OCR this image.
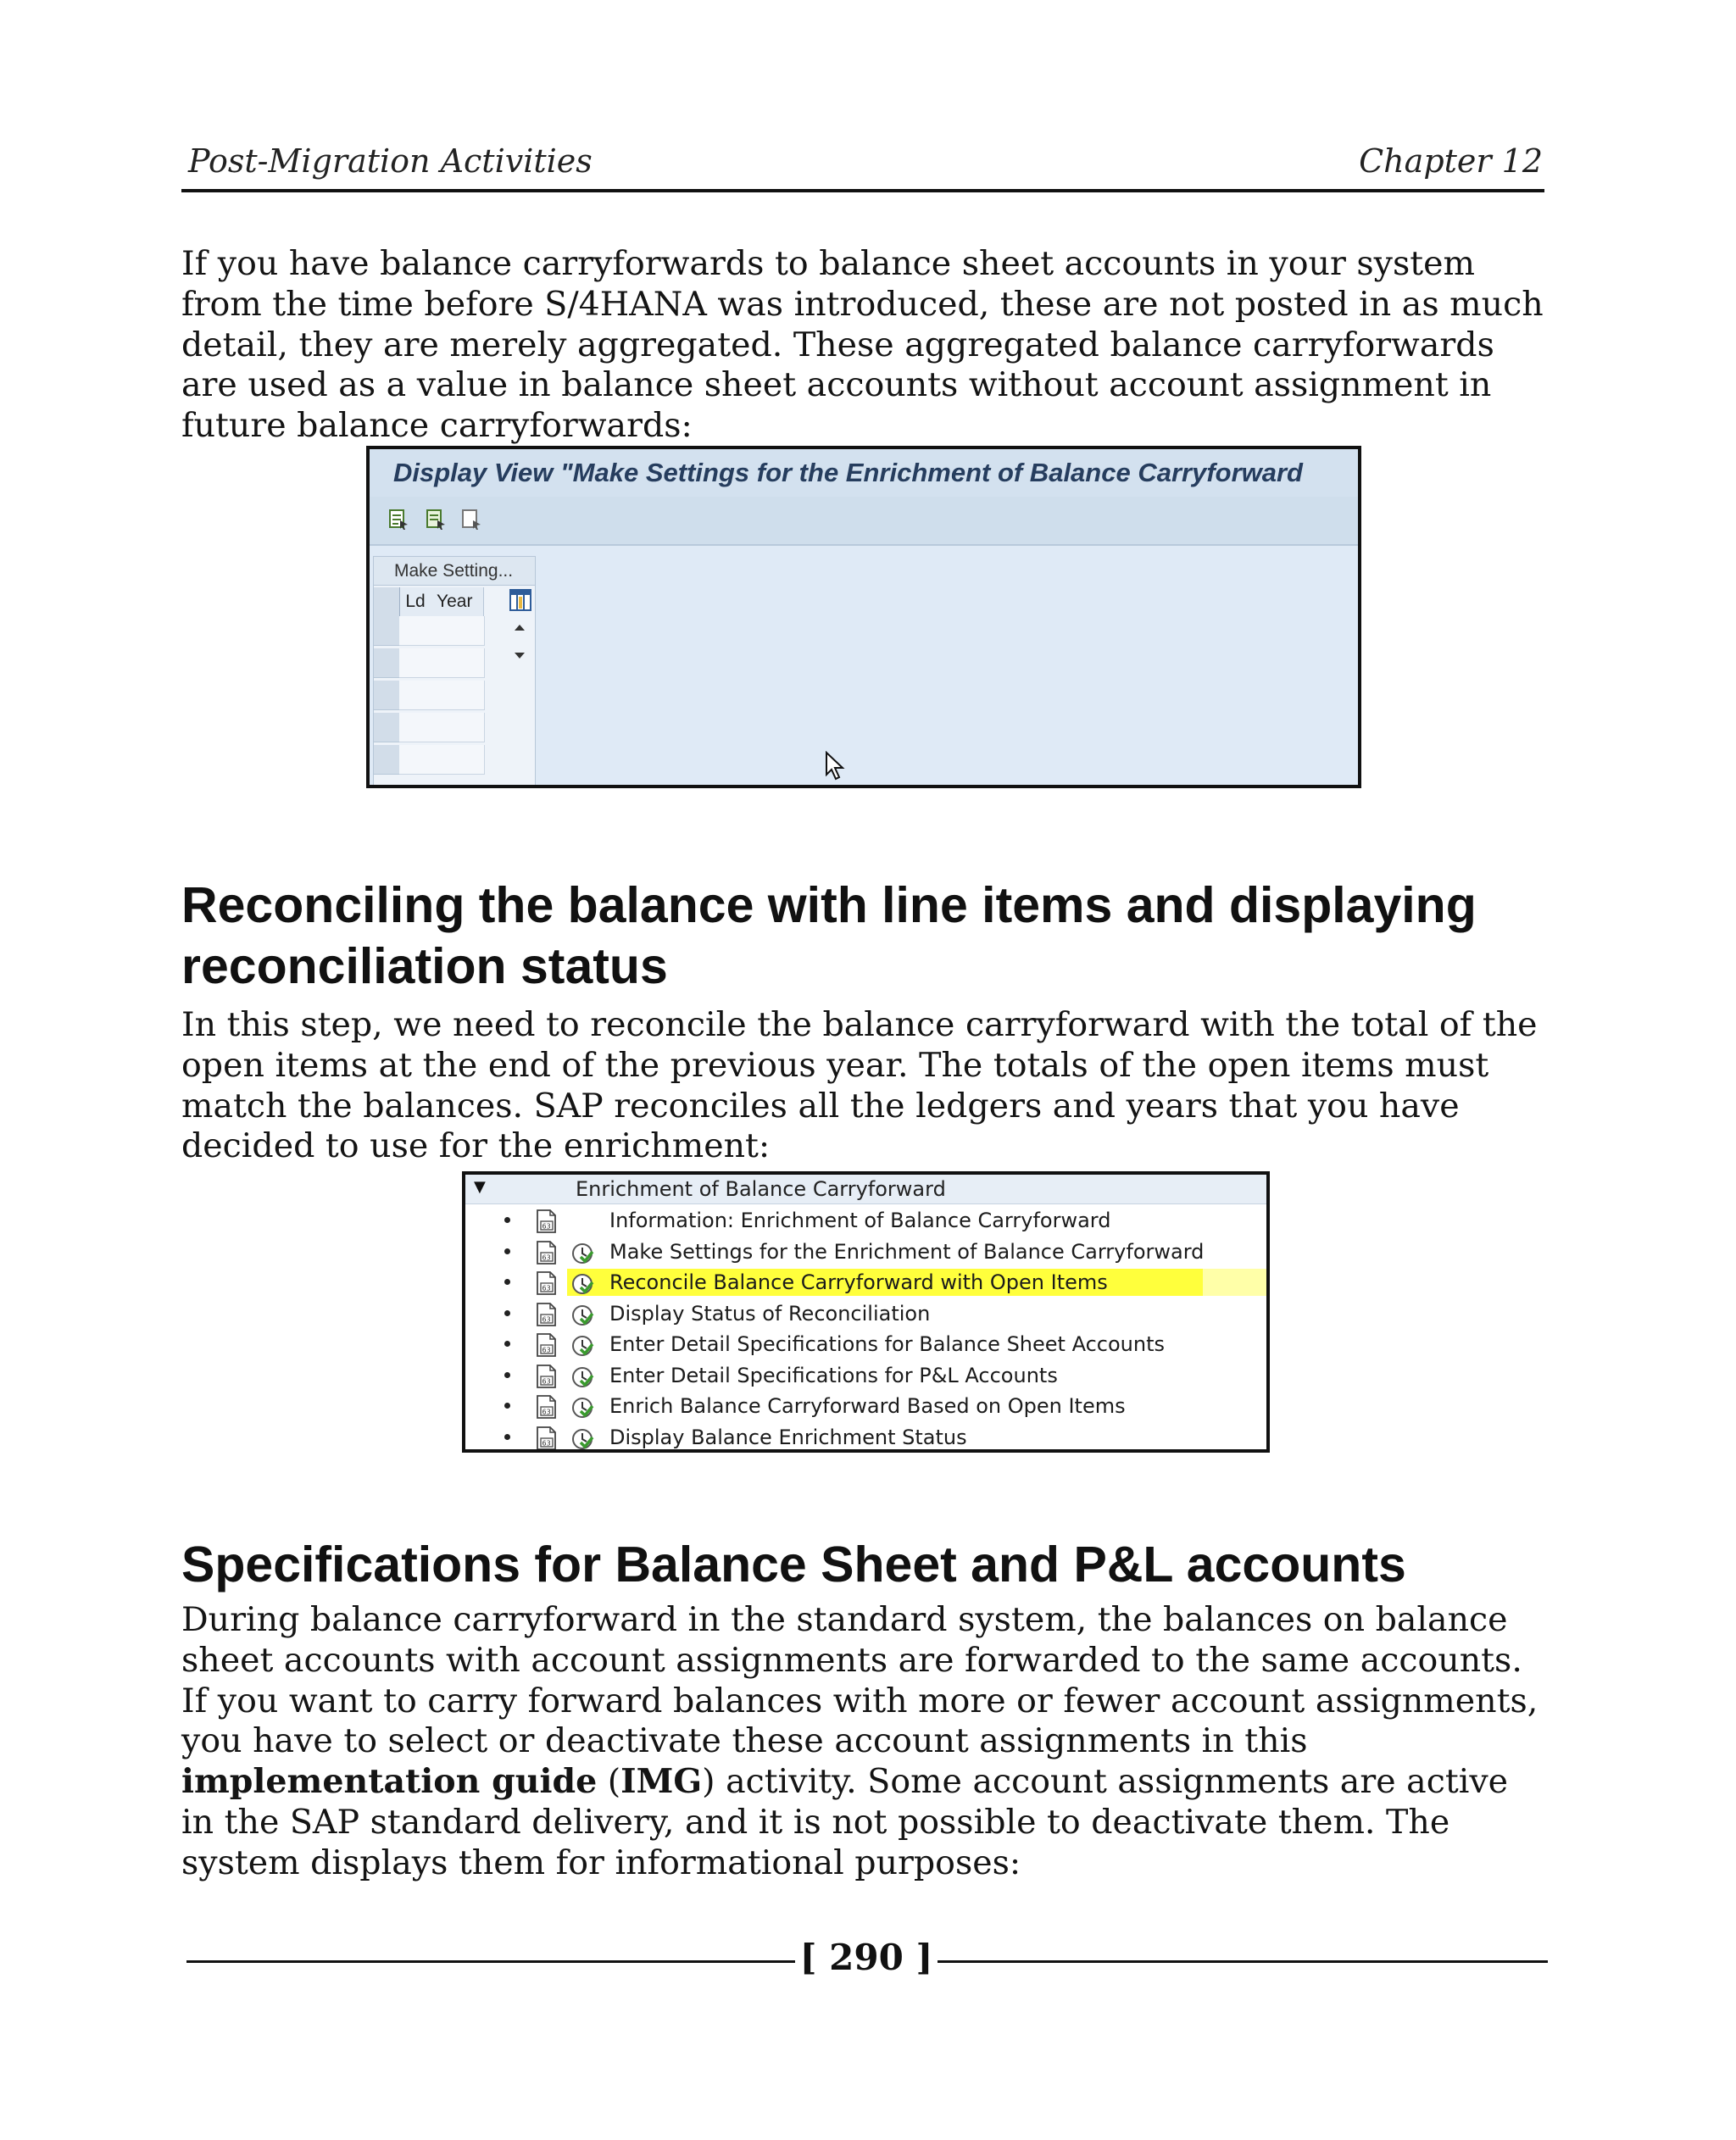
Post-Migration Activities	Chapter 12
If you have balance carryforwards to balance sheet accounts in your system from the time before S/4HANA was introduced, these are not posted in as much detail, they are merely aggregated. These aggregated balance carryforwards are used as a value in balance sheet accounts without account assignment in future balance carryforwards:
Display View "Make Settings for the Enrichment of Balance Carryforward
Make Setting...
Ld Year
Reconciling the balance with line items and displaying reconciliation status
In this step, we need to reconcile the balance carryforward with the total of the open items at the end of the previous year. The totals of the open items must match the balances. SAP reconciles all the ledgers and years that you have decided to use for the enrichment:
▼	Enrichment of Balance Carryforward
63	Information: Enrichment of Balance Carryforward
63	Make Settings for the Enrichment of Balance Carryforward
63	Reconcile Balance Carryforward with Open Items
63	Display Status of Reconciliation
63	Enter Detail Specifications for Balance Sheet Accounts
63	Enter Detail Specifications for P&L Accounts
63	Enrich Balance Carryforward Based on Open Items
63	Display Balance Enrichment Status
Specifications for Balance Sheet and P&L accounts
During balance carryforward in the standard system, the balances on balance sheet accounts with account assignments are forwarded to the same accounts. If you want to carry forward balances with more or fewer account assignments, you have to select or deactivate these account assignments in this implementation guide (IMG) activity. Some account assignments are active in the SAP standard delivery, and it is not possible to deactivate them. The system displays them for informational purposes:
[ 290 ]
